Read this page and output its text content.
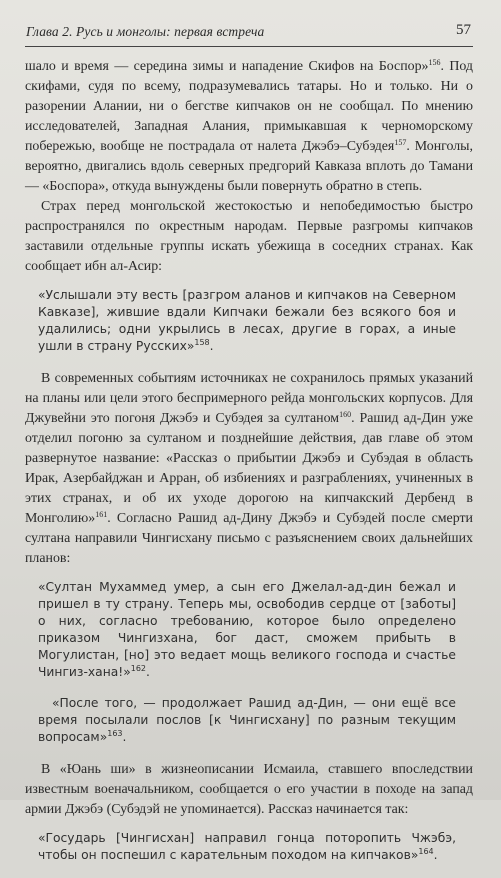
Глава 2. Русь и монголы: первая встреча	57

шало и время — середина зимы и нападение Скифов на Боспор»$^{156}$. Под скифами, судя по всему, подразумевались татары. Но и только. Ни о разорении Алании, ни о бегстве кипчаков он не сообщал. По мнению исследователей, Западная Алания, примыкавшая к черноморскому побережью, вообще не пострадала от налета Джэбэ–Субэдея$^{157}$. Монголы, вероятно, двигались вдоль северных предгорий Кавказа вплоть до Тамани — «Боспора», откуда вынуждены были повернуть обратно в степь.

Страх перед монгольской жестокостью и непобедимостью быстро распространялся по окрестным народам. Первые разгромы кипчаков заставили отдельные группы искать убежища в соседних странах. Как сообщает ибн ал-Асир:

«Услышали эту весть [разгром аланов и кипчаков на Северном Кавказе], жившие вдали Кипчаки бежали без всякого боя и удалились; одни укрылись в лесах, другие в горах, а иные ушли в страну Русских»$^{158}$.

В современных событиям источниках не сохранилось прямых указаний на планы или цели этого беспримерного рейда монгольских корпусов. Для Джувейни это погоня Джэбэ и Субэдея за султаном$^{160}$. Рашид ад-Дин уже отделил погоню за султаном и позднейшие действия, дав главе об этом развернутое название: «Рассказ о прибытии Джэбэ и Субэдая в область Ирак, Азербайджан и Арран, об избиениях и разграблениях, учиненных в этих странах, и об их уходе дорогою на кипчакский Дербенд в Монголию»$^{161}$. Согласно Рашид ад-Дину Джэбэ и Субэдей после смерти султана направили Чингисхану письмо с разъяснением своих дальнейших планов:

«Султан Мухаммед умер, а сын его Джелал-ад-дин бежал и пришел в ту страну. Теперь мы, освободив сердце от [заботы] о них, согласно требованию, которое было определено приказом Чингизхана, бог даст, сможем прибыть в Могулистан, [но] это ведает мощь великого господа и счастье Чингиз-хана!»$^{162}$.

«После того, — продолжает Рашид ад-Дин, — они ещё все время посылали послов [к Чингисхану] по разным текущим вопросам»$^{163}$.

В «Юань ши» в жизнеописании Исмаила, ставшего впоследствии известным военачальником, сообщается о его участии в походе на запад армии Джэбэ (Субэдэй не упоминается). Рассказ начинается так:

«Государь [Чингисхан] направил гонца поторопить Чжэбэ, чтобы он поспешил с карательным походом на кипчаков»$^{164}$.
